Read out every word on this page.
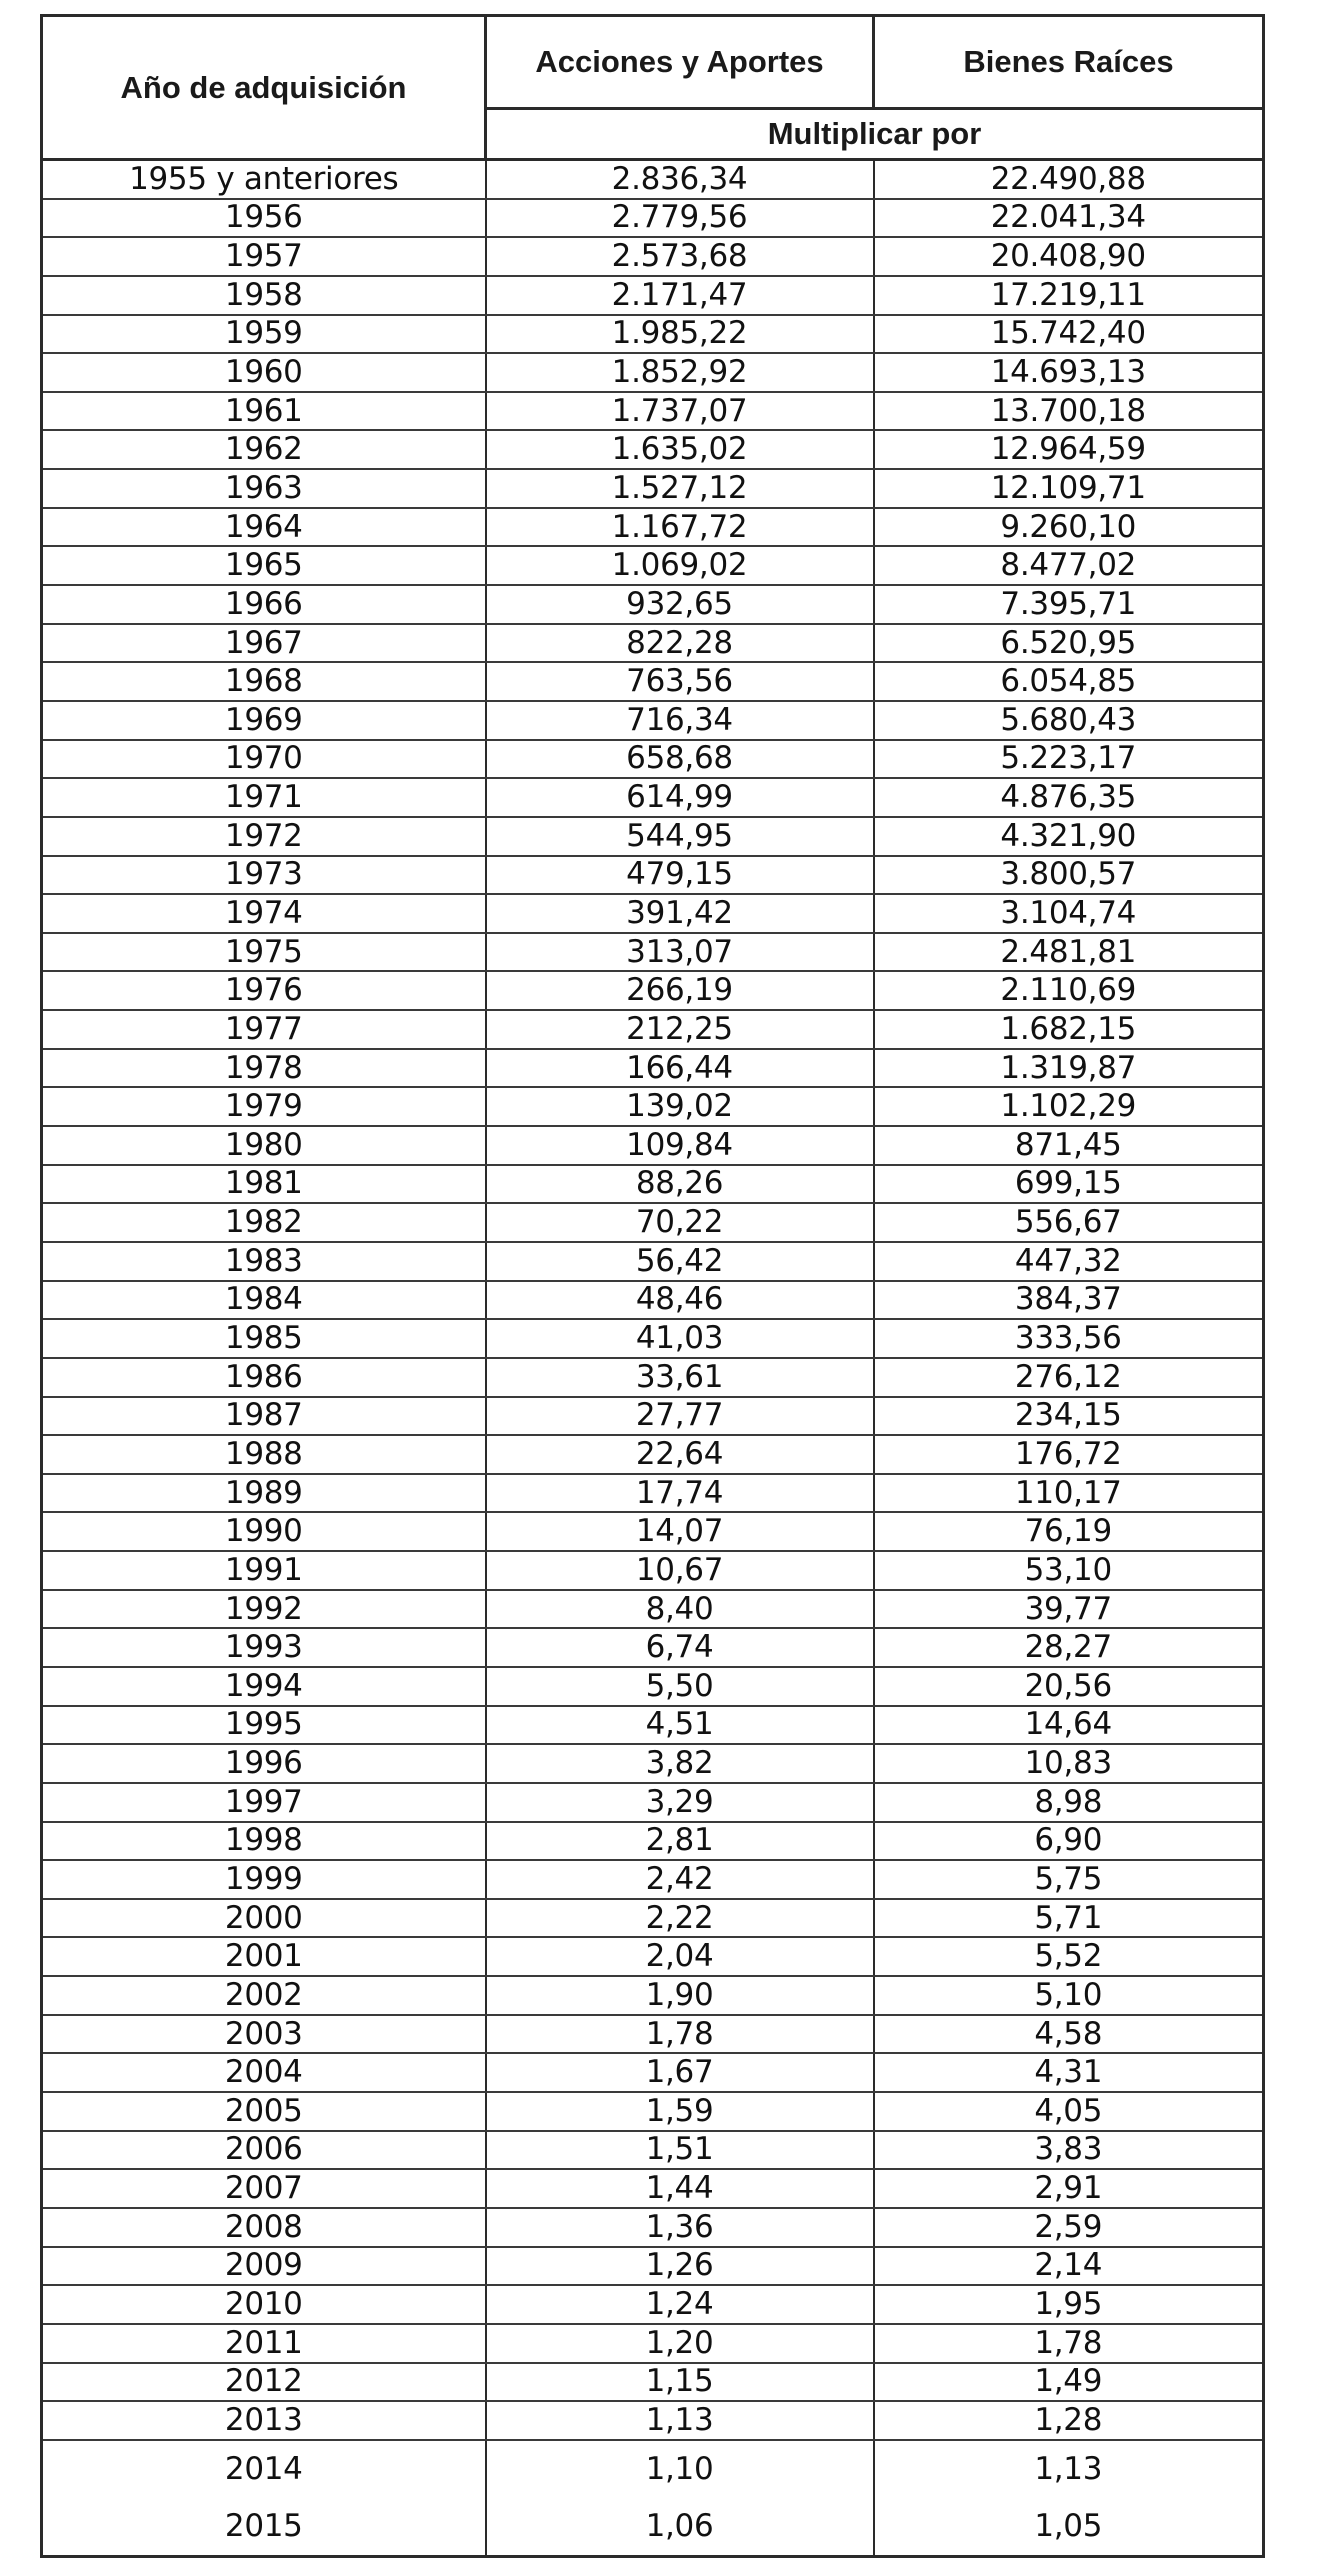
Año de adquisición	Acciones y Aportes	Bienes Raíces
	Multiplicar por	
1955 y anteriores	2.836,34	22.490,88
1956	2.779,56	22.041,34
1957	2.573,68	20.408,90
1958	2.171,47	17.219,11
1959	1.985,22	15.742,40
1960	1.852,92	14.693,13
1961	1.737,07	13.700,18
1962	1.635,02	12.964,59
1963	1.527,12	12.109,71
1964	1.167,72	9.260,10
1965	1.069,02	8.477,02
1966	932,65	7.395,71
1967	822,28	6.520,95
1968	763,56	6.054,85
1969	716,34	5.680,43
1970	658,68	5.223,17
1971	614,99	4.876,35
1972	544,95	4.321,90
1973	479,15	3.800,57
1974	391,42	3.104,74
1975	313,07	2.481,81
1976	266,19	2.110,69
1977	212,25	1.682,15
1978	166,44	1.319,87
1979	139,02	1.102,29
1980	109,84	871,45
1981	88,26	699,15
1982	70,22	556,67
1983	56,42	447,32
1984	48,46	384,37
1985	41,03	333,56
1986	33,61	276,12
1987	27,77	234,15
1988	22,64	176,72
1989	17,74	110,17
1990	14,07	76,19
1991	10,67	53,10
1992	8,40	39,77
1993	6,74	28,27
1994	5,50	20,56
1995	4,51	14,64
1996	3,82	10,83
1997	3,29	8,98
1998	2,81	6,90
1999	2,42	5,75
2000	2,22	5,71
2001	2,04	5,52
2002	1,90	5,10
2003	1,78	4,58
2004	1,67	4,31
2005	1,59	4,05
2006	1,51	3,83
2007	1,44	2,91
2008	1,36	2,59
2009	1,26	2,14
2010	1,24	1,95
2011	1,20	1,78
2012	1,15	1,49
2013	1,13	1,28
2014	1,10	1,13
2015	1,06	1,05
